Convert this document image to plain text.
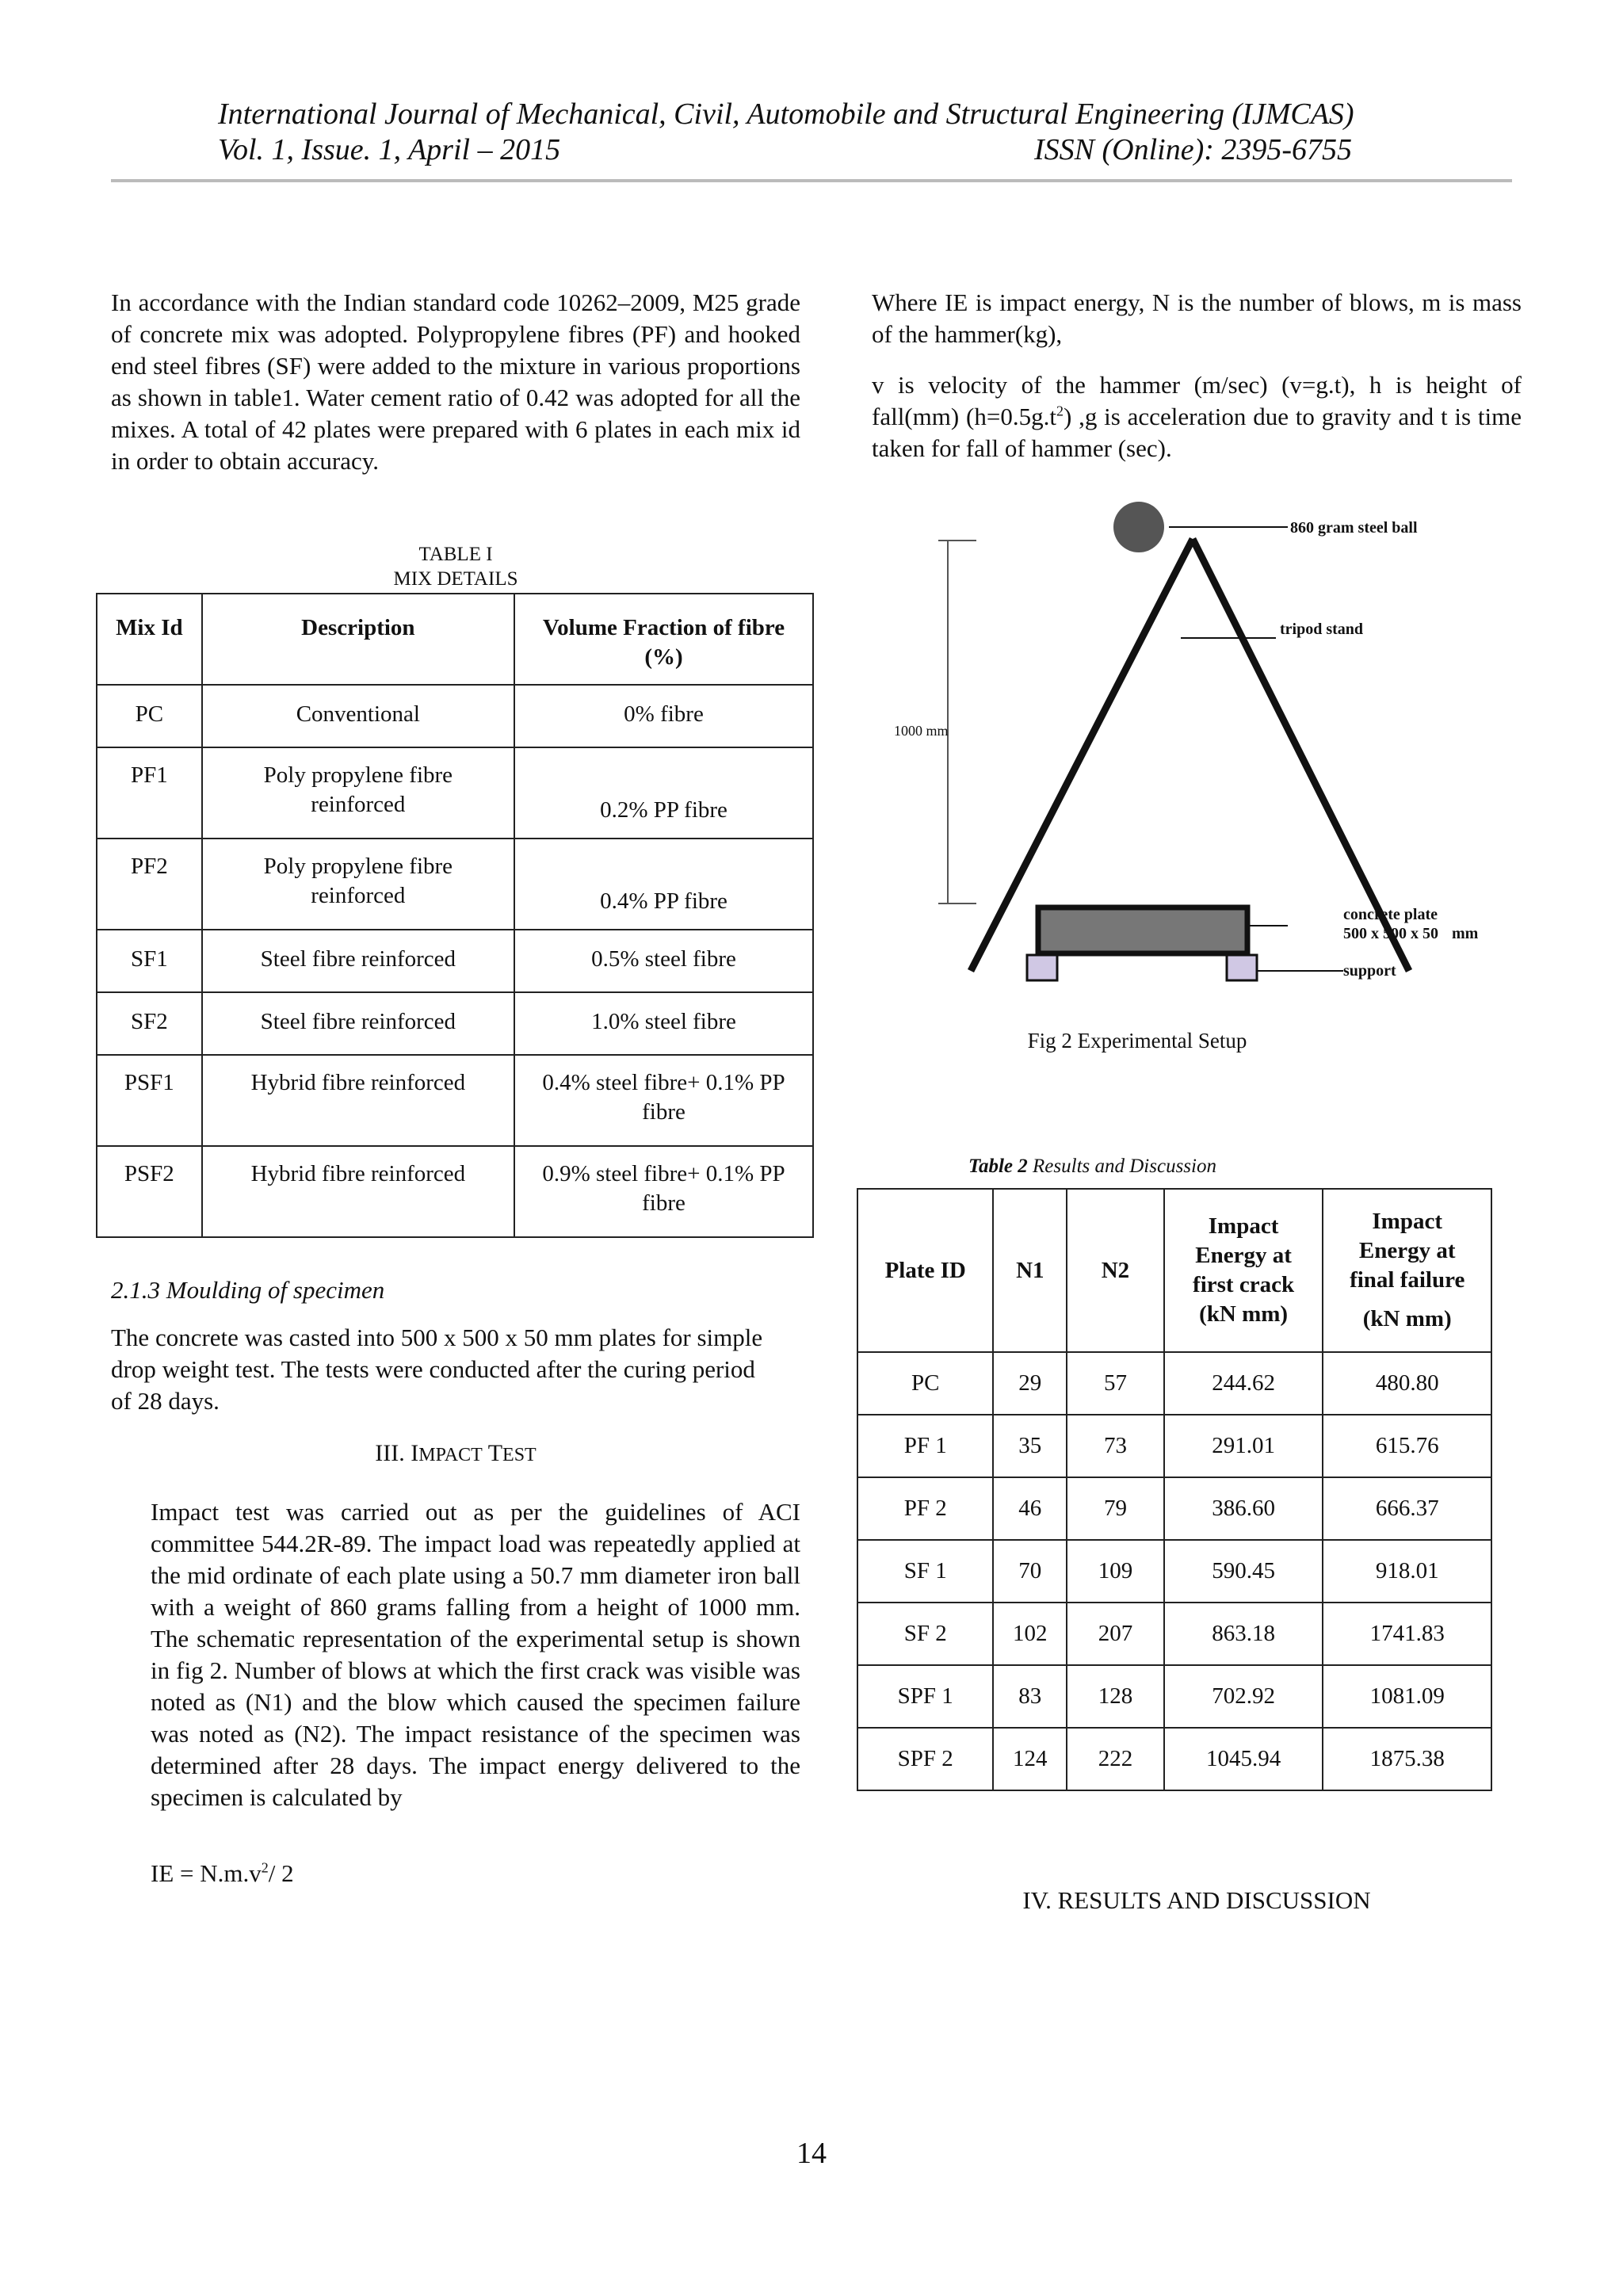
International Journal of Mechanical, Civil, Automobile and Structural Engineering (IJMCAS)
Vol. 1, Issue. 1, April – 2015	ISSN (Online): 2395-6755
In accordance with the Indian standard code 10262–2009, M25 grade of concrete mix was adopted. Polypropylene fibres (PF) and hooked end steel fibres (SF) were added to the mixture in various proportions as shown in table1. Water cement ratio of 0.42 was adopted for all the mixes. A total of 42 plates were prepared with 6 plates in each mix id in order to obtain accuracy.
TABLE I
MIX DETAILS
Mix Id	Description	Volume Fraction of fibre (%)
PC	Conventional	0% fibre
PF1	Poly propylene fibre reinforced	0.2% PP fibre
PF2	Poly propylene fibre reinforced	0.4% PP fibre
SF1	Steel fibre reinforced	0.5% steel fibre
SF2	Steel fibre reinforced	1.0% steel fibre
PSF1	Hybrid fibre reinforced	0.4% steel fibre+ 0.1% PP fibre
PSF2	Hybrid fibre reinforced	0.9% steel fibre+ 0.1% PP fibre
2.1.3 Moulding of specimen
The concrete was casted into 500 x 500 x 50 mm plates for simple drop weight test. The tests were conducted after the curing period of 28 days.
III. IMPACT TEST
Impact test was carried out as per the guidelines of ACI committee 544.2R-89. The impact load was repeatedly applied at the mid ordinate of each plate using a 50.7 mm diameter iron ball with a weight of 860 grams falling from a height of 1000 mm. The schematic representation of the experimental setup is shown in fig 2. Number of blows at which the first crack was visible was noted as (N1) and the blow which caused the specimen failure was noted as (N2). The impact resistance of the specimen was determined after 28 days. The impact energy delivered to the specimen is calculated by
IE = $N.m.v^2/$ 2
Where IE is impact energy, N is the number of blows, m is mass of the hammer(kg),
v is velocity of the hammer (m/sec) (v=g.t), h is height of fall(mm) $(h=0.5g.t^2)$ ,g is acceleration due to gravity and t is time taken for fall of hammer (sec).
860 gram steel ball
tripod stand
1000 mm
concrete plate
500 x 500 x 50 mm
support
Fig 2 Experimental Setup
Table 2 Results and Discussion
Plate ID	N1	N2	Impact Energy at first crack (kN mm)	Impact Energy at final failure
(kN mm)

PC	29	57	244.62	480.80
PF 1	35	73	291.01	615.76
PF 2	46	79	386.60	666.37
SF 1	70	109	590.45	918.01
SF 2	102	207	863.18	1741.83
SPF 1	83	128	702.92	1081.09
SPF 2	124	222	1045.94	1875.38
IV. RESULTS AND DISCUSSION
14
